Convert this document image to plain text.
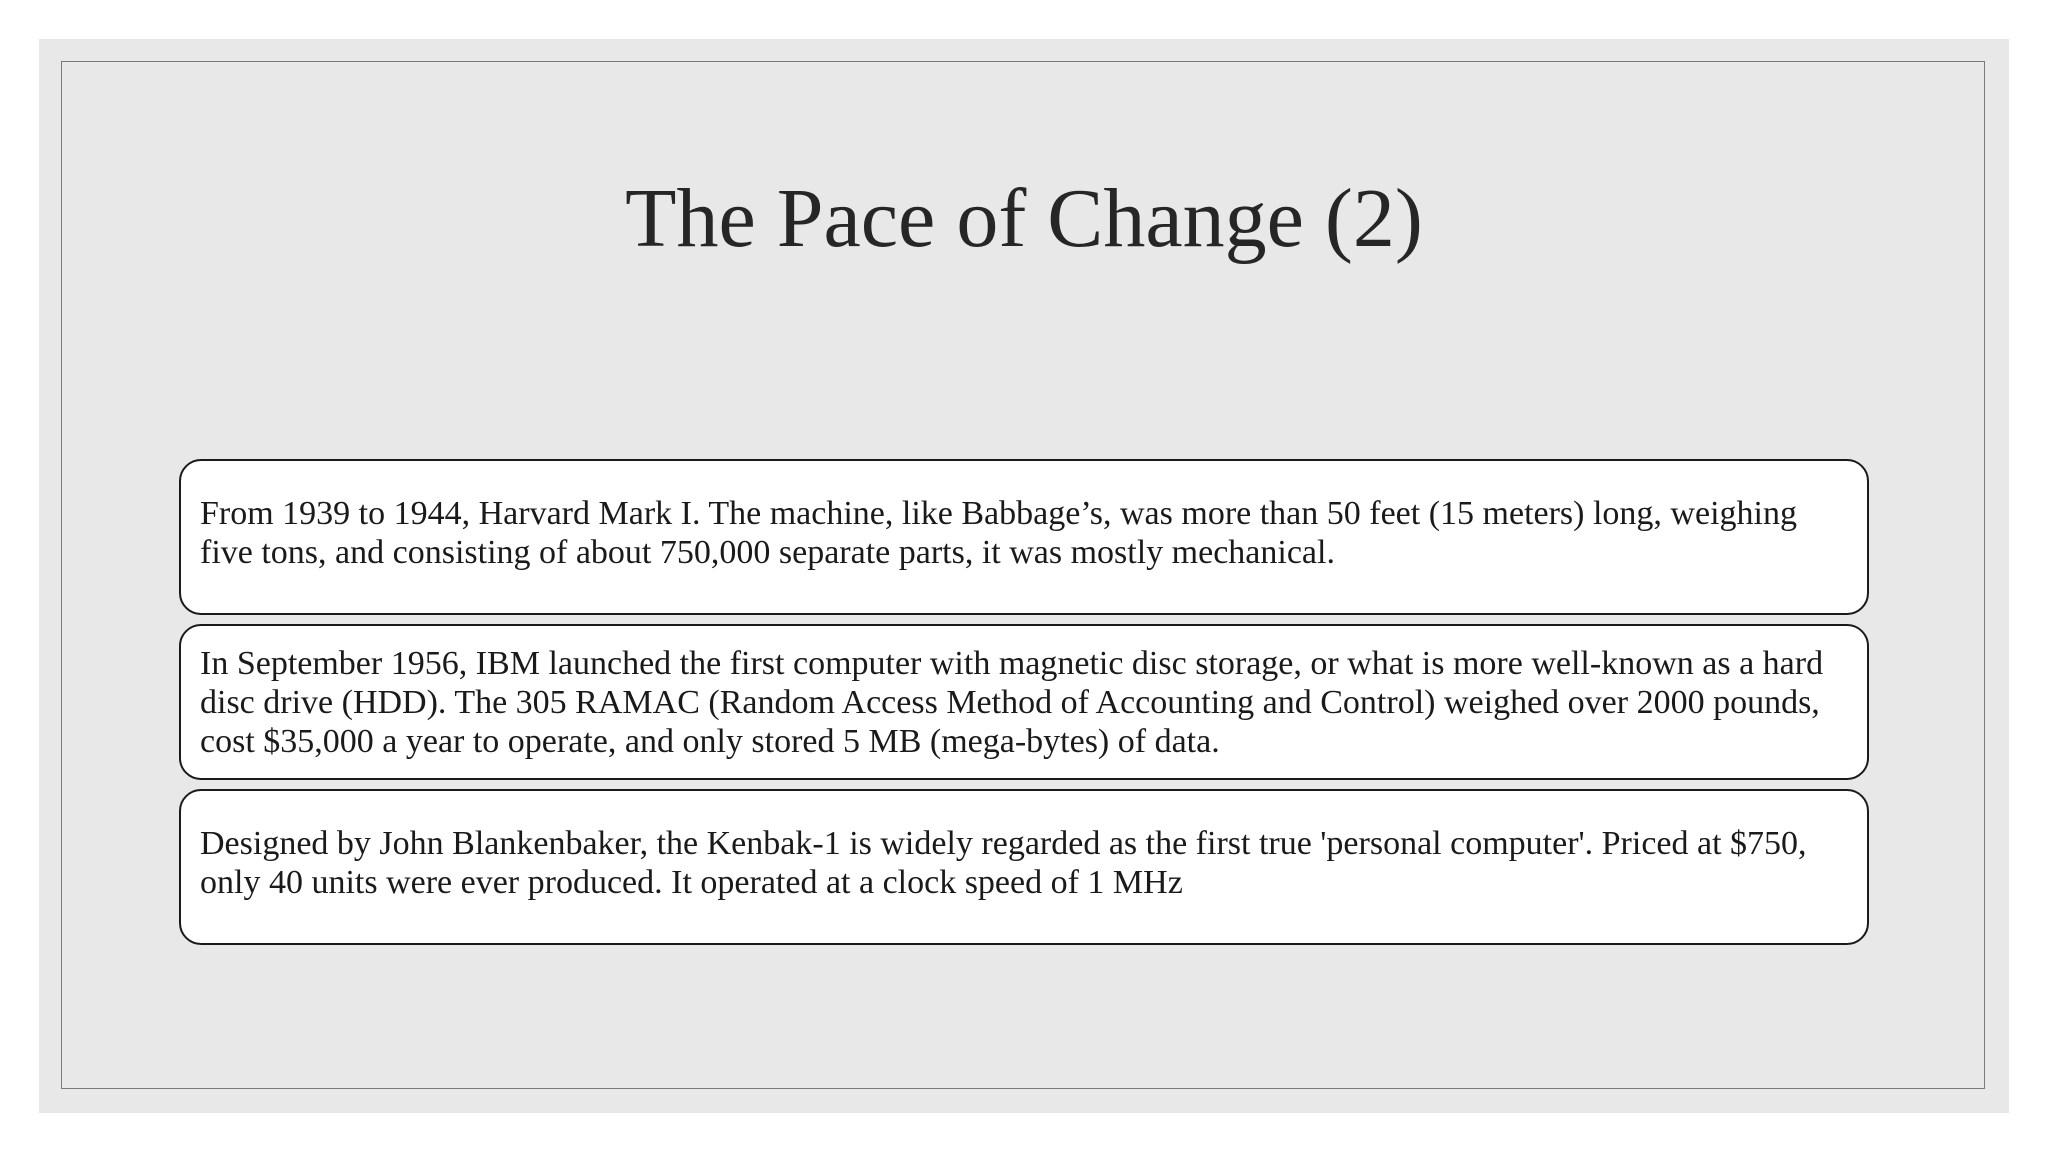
The Pace of Change (2)

From 1939 to 1944, Harvard Mark I. The machine, like Babbage’s, was more than 50 feet (15 meters) long, weighing five tons, and consisting of about 750,000 separate parts, it was mostly mechanical.

In September 1956, IBM launched the first computer with magnetic disc storage, or what is more well-known as a hard disc drive (HDD). The 305 RAMAC (Random Access Method of Accounting and Control) weighed over 2000 pounds, cost $35,000 a year to operate, and only stored 5 MB (mega-bytes) of data.

Designed by John Blankenbaker, the Kenbak-1 is widely regarded as the first true 'personal computer'. Priced at $750, only 40 units were ever produced. It operated at a clock speed of 1 MHz
